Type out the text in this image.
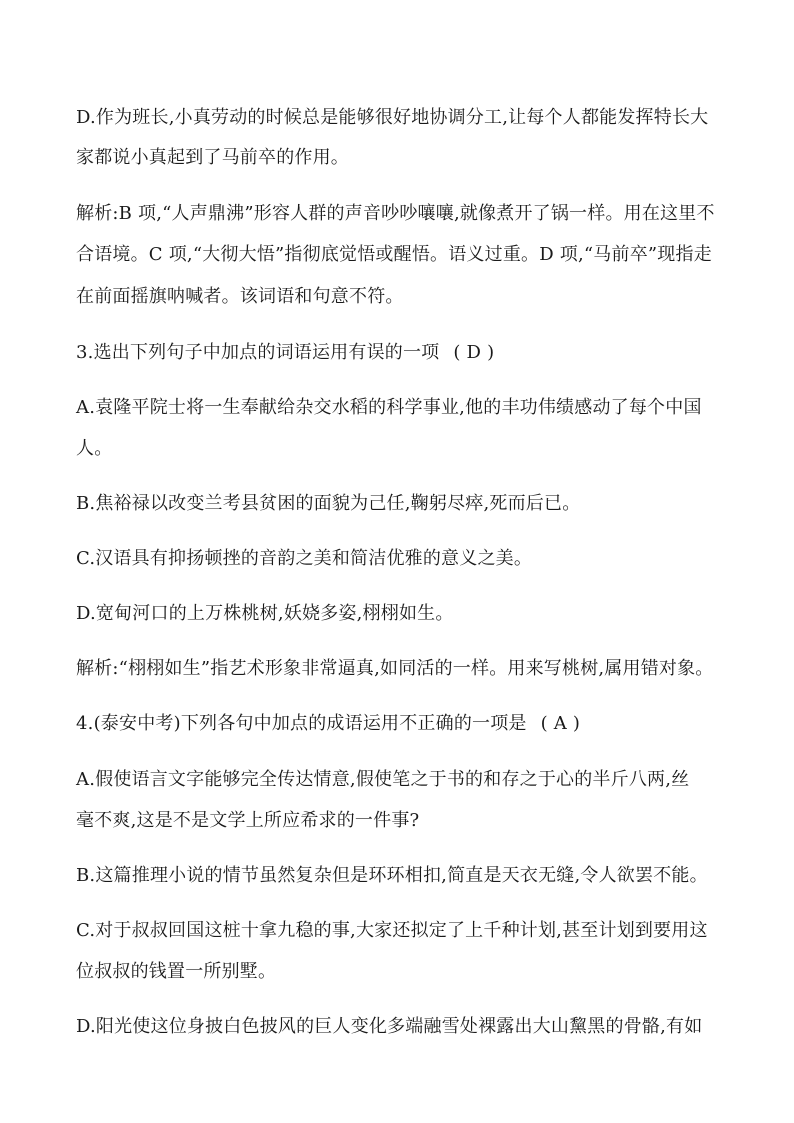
D.作为班长,小真劳动的时候总是能够很好地协调分工,让每个人都能发挥特长大
家都说小真起到了马前卒的作用。
解析:B 项,“人声鼎沸”形容人群的声音吵吵嚷嚷,就像煮开了锅一样。用在这里不
合语境。C 项,“大彻大悟”指彻底觉悟或醒悟。语义过重。D 项,“马前卒”现指走
在前面摇旗呐喊者。该词语和句意不符。
3.选出下列句子中加点的词语运用有误的一项 ( D )
A.袁隆平院士将一生奉献给杂交水稻的科学事业,他的丰功伟绩感动了每个中国
人。
B.焦裕禄以改变兰考县贫困的面貌为己任,鞠躬尽瘁,死而后已。
C.汉语具有抑扬顿挫的音韵之美和简洁优雅的意义之美。
D.宽甸河口的上万株桃树,妖娆多姿,栩栩如生。
解析:“栩栩如生”指艺术形象非常逼真,如同活的一样。用来写桃树,属用错对象。
4.(泰安中考)下列各句中加点的成语运用不正确的一项是 ( A )
A.假使语言文字能够完全传达情意,假使笔之于书的和存之于心的半斤八两,丝
毫不爽,这是不是文学上所应希求的一件事?
B.这篇推理小说的情节虽然复杂但是环环相扣,简直是天衣无缝,令人欲罢不能。
C.对于叔叔回国这桩十拿九稳的事,大家还拟定了上千种计划,甚至计划到要用这
位叔叔的钱置一所别墅。
D.阳光使这位身披白色披风的巨人变化多端融雪处裸露出大山黧黑的骨骼,有如
